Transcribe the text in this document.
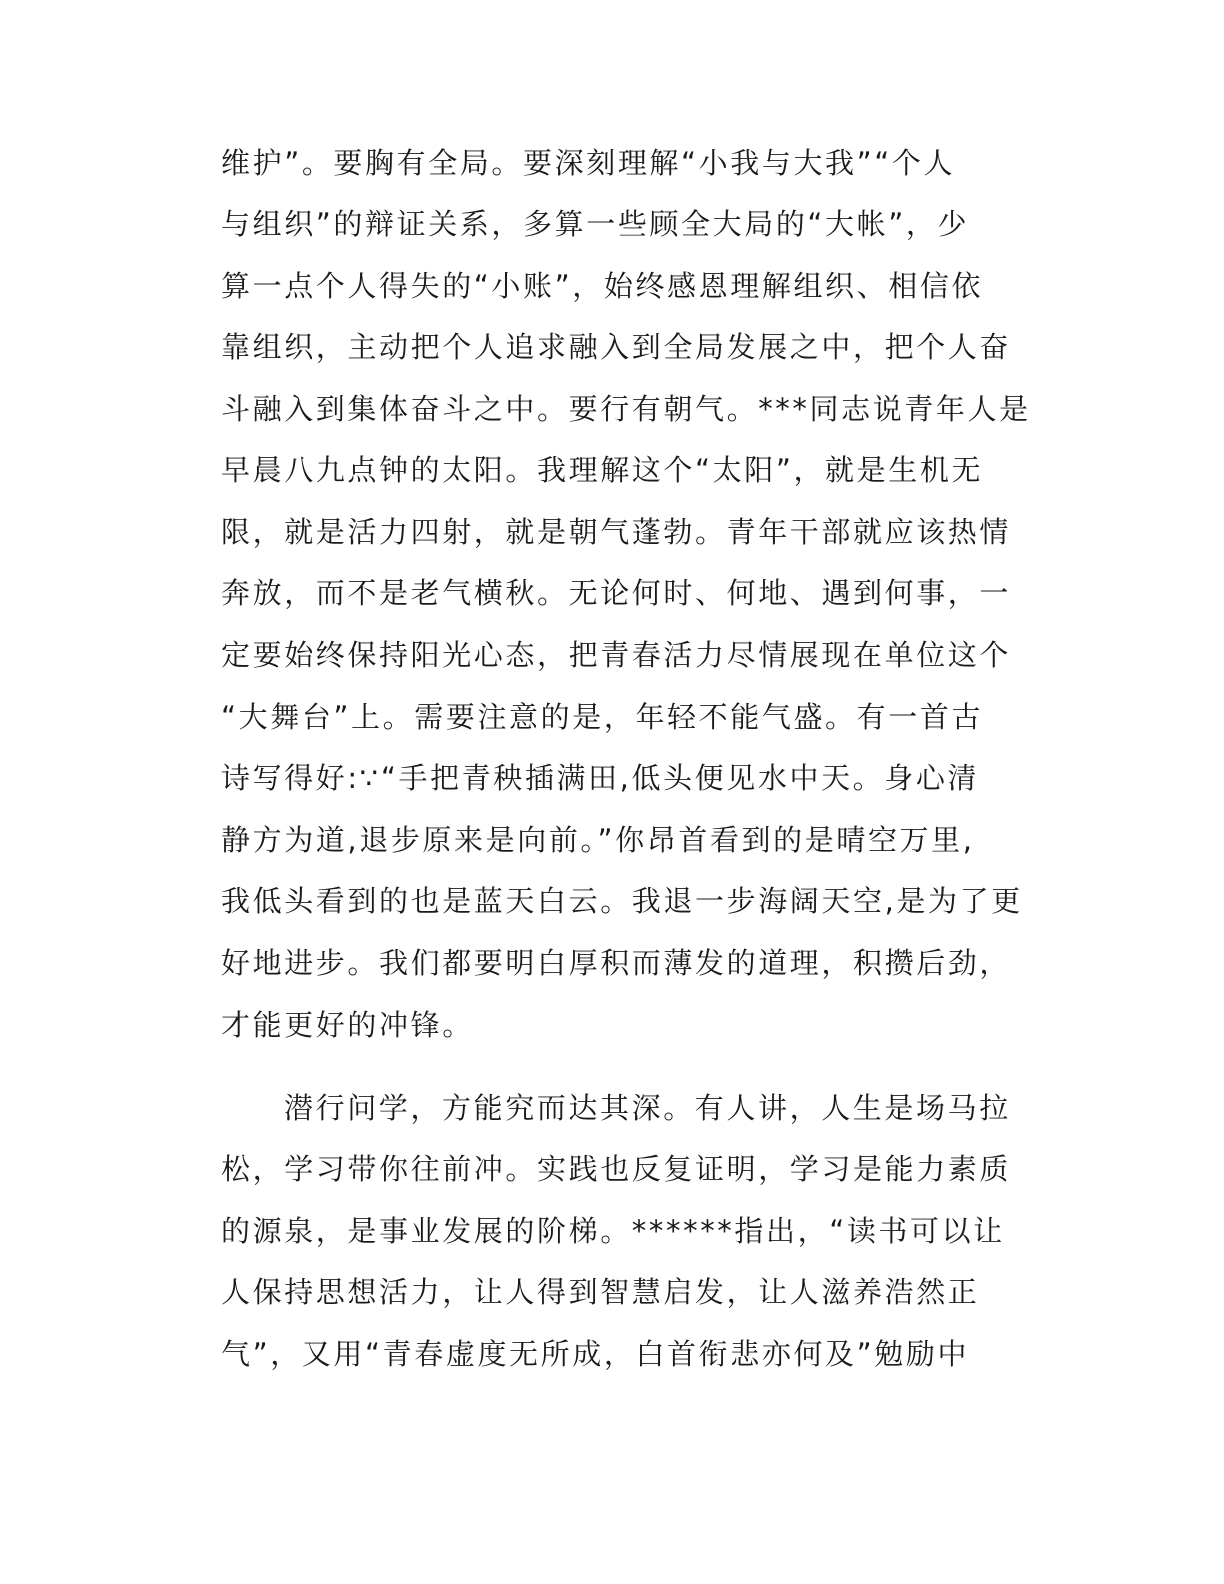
维护”。要胸有全局。要深刻理解“小我与大我”“个人
与组织”的辩证关系，多算一些顾全大局的“大帐”，少
算一点个人得失的“小账”，始终感恩理解组织、相信依
靠组织，主动把个人追求融入到全局发展之中，把个人奋
斗融入到集体奋斗之中。要行有朝气。***同志说青年人是
早晨八九点钟的太阳。我理解这个“太阳”，就是生机无
限，就是活力四射，就是朝气蓬勃。青年干部就应该热情
奔放，而不是老气横秋。无论何时、何地、遇到何事，一
定要始终保持阳光心态，把青春活力尽情展现在单位这个
“大舞台”上。需要注意的是，年轻不能气盛。有一首古
诗写得好:∵“手把青秧插满田,低头便见水中天。身心清
静方为道,退步原来是向前。”你昂首看到的是晴空万里,
我低头看到的也是蓝天白云。我退一步海阔天空,是为了更
好地进步。我们都要明白厚积而薄发的道理，积攒后劲，
才能更好的冲锋。
潜行问学，方能究而达其深。有人讲，人生是场马拉
松，学习带你往前冲。实践也反复证明，学习是能力素质
的源泉，是事业发展的阶梯。******指出，“读书可以让
人保持思想活力，让人得到智慧启发，让人滋养浩然正
气”，又用“青春虚度无所成，白首衔悲亦何及”勉励中
